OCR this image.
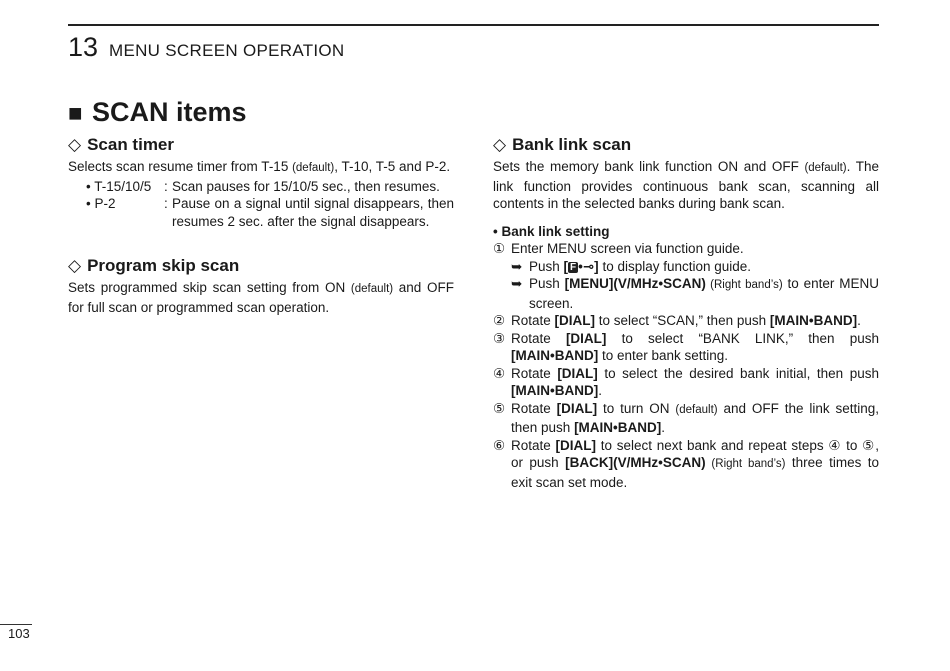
13 MENU SCREEN OPERATION
■ SCAN items
◇ Scan timer

Selects scan resume timer from T-15 (default), T-10, T-5 and P-2.

• T-15/10/5 : Scan pauses for 15/10/5 sec., then resumes.
• P-2	: Pause on a signal until signal disappears, then resumes 2 sec. after the signal disappears.
◇ Program skip scan

Sets programmed skip scan setting from ON (default) and OFF for full scan or programmed scan operation.

◇ Bank link scan

Sets the memory bank link function ON and OFF (default). The link function provides continuous bank scan, scanning all contents in the selected banks during bank scan.

• Bank link setting
① Enter MENU screen via function guide.
➥ Push [ F •⊸] to display function guide.
➥ Push [MENU](V/MHz•SCAN) (Right band’s) to enter MENU screen.
② Rotate [DIAL] to select “SCAN,” then push [MAIN•BAND].
③ Rotate [DIAL] to select “BANK LINK,” then push [MAIN•BAND] to enter bank setting.
④ Rotate [DIAL] to select the desired bank initial, then push [MAIN•BAND].
⑤ Rotate [DIAL] to turn ON (default) and OFF the link setting, then push [MAIN•BAND].
⑥ Rotate [DIAL] to select next bank and repeat steps ④ to ⑤, or push [BACK](V/MHz•SCAN) (Right band’s) three times to exit scan set mode.
103
